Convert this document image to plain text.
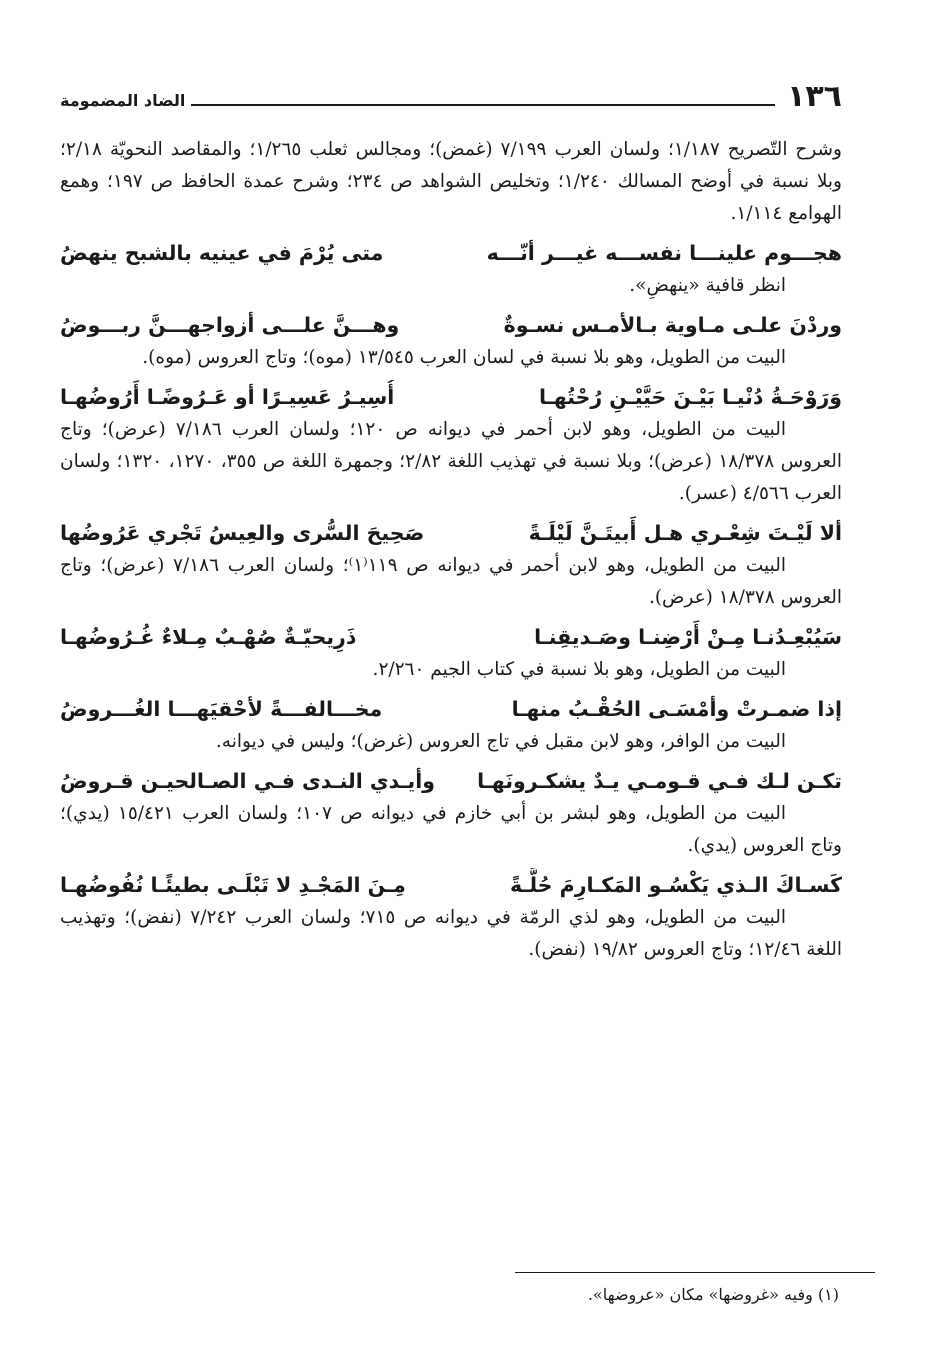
١٣٦
الضاد المضمومة

وشرح التّصريح ١/١٨٧؛ ولسان العرب ٧/١٩٩ (غمض)؛ ومجالس ثعلب ١/٢٦٥؛ والمقاصد النحويّة ٢/١٨؛ وبلا نسبة في أوضح المسالك ١/٢٤٠؛ وتخليص الشواهد ص ٢٣٤؛ وشرح عمدة الحافظ ص ١٩٧؛ وهمع الهوامع ١/١١٤.

هجـــوم علينـــا نفســـه غيـــر أنّـــه
متى يُرْمَ في عينيه بالشبح ينهضُ

انظر قافية «ينهضِ».

وردْنَ علـى مـاوية بـالأمـس نسـوةٌ
وهـــنَّ علـــى أزواجهـــنَّ ربـــوضُ

البيت من الطويل، وهو بلا نسبة في لسان العرب ١٣/٥٤٥ (موه)؛ وتاج العروس (موه).

وَرَوْحَـةُ دُنْيـا بَيْـنَ حَيَّيْـنِ رُحْتُهـا
أُسِيـرُ عَسِيـرًا أو عَـرُوضًـا أَرُوضُهـا

البيت من الطويل، وهو لابن أحمر في ديوانه ص ١٢٠؛ ولسان العرب ٧/١٨٦ (عرض)؛ وتاج العروس ١٨/٣٧٨ (عرض)؛ وبلا نسبة في تهذيب اللغة ٢/٨٢؛ وجمهرة اللغة ص ٣٥٥، ١٢٧٠، ١٣٢٠؛ ولسان العرب ٤/٥٦٦ (عسر).

ألا لَيْـتَ شِعْـري هـل أَبيتَـنَّ لَيْلَـةً
صَحِيحَ السُّرى والعِيسُ تَجْري عَرُوضُها

البيت من الطويل، وهو لابن أحمر في ديوانه ص ١١٩⁽١⁾؛ ولسان العرب ٧/١٨٦ (عرض)؛ وتاج العروس ١٨/٣٧٨ (عرض).

سَيُبْعِـدُنـا مِـنْ أَرْضِنـا وصَـديقِنـا
ذَرِيحيّـةٌ صُهْـبٌ مِـلاءٌ غُـرُوضُهـا

البيت من الطويل، وهو بلا نسبة في كتاب الجيم ٢/٢٦٠.

إذا ضمـرتْ وأمْسَـى الحُقْـبُ منهـا
مخـــالفـــةً لأحْقيَهـــا الغُـــروضُ

البيت من الوافر، وهو لابن مقبل في تاج العروس (غرض)؛ وليس في ديوانه.

تكـن لـك فـي قـومـي يـدٌ يشكـرونَهـا
وأيـدي النـدى فـي الصـالحيـن قـروضُ

البيت من الطويل، وهو لبشر بن أبي خازم في ديوانه ص ١٠٧؛ ولسان العرب ١٥/٤٢١ (يدي)؛ وتاج العروس (يدي).

كَسـاكَ الـذي يَكْسُـو المَكـارِمَ حُلَّـةً
مِـنَ المَجْـدِ لا تَبْلَـى بطيئًـا نُفُوضُهـا

البيت من الطويل، وهو لذي الرمّة في ديوانه ص ٧١٥؛ ولسان العرب ٧/٢٤٢ (نفض)؛ وتهذيب اللغة ١٢/٤٦؛ وتاج العروس ١٩/٨٢ (نفض).

(١) وفيه «غروضها» مكان «عروضها».
